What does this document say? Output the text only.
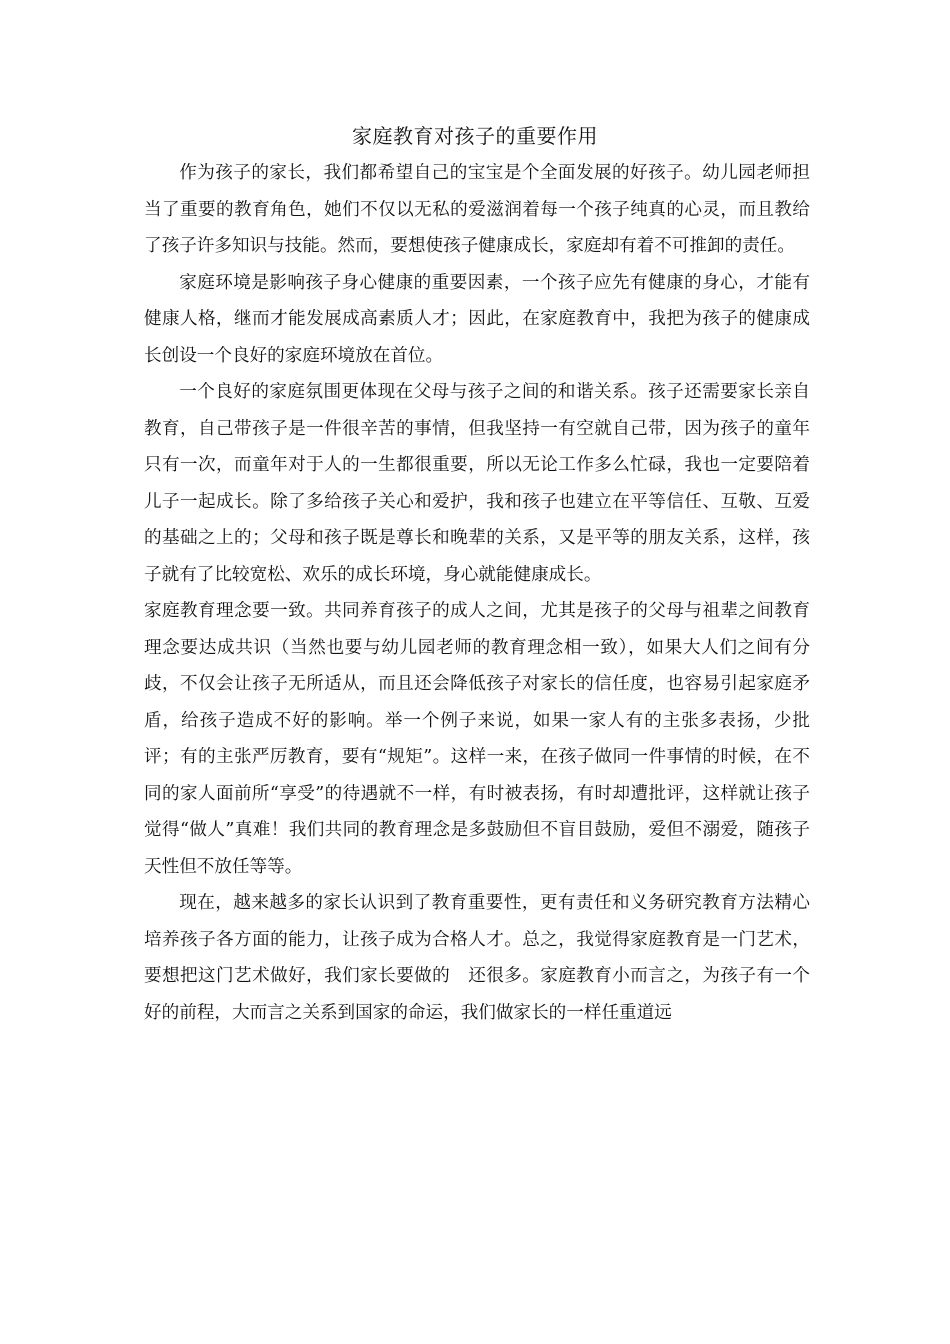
家庭教育对孩子的重要作用

作为孩子的家长，我们都希望自己的宝宝是个全面发展的好孩子。幼儿园老师担当了重要的教育角色，她们不仅以无私的爱滋润着每一个孩子纯真的心灵，而且教给了孩子许多知识与技能。然而，要想使孩子健康成长，家庭却有着不可推卸的责任。

家庭环境是影响孩子身心健康的重要因素，一个孩子应先有健康的身心，才能有健康人格，继而才能发展成高素质人才；因此，在家庭教育中，我把为孩子的健康成长创设一个良好的家庭环境放在首位。

一个良好的家庭氛围更体现在父母与孩子之间的和谐关系。孩子还需要家长亲自教育，自己带孩子是一件很辛苦的事情，但我坚持一有空就自己带，因为孩子的童年只有一次，而童年对于人的一生都很重要，所以无论工作多么忙碌，我也一定要陪着儿子一起成长。除了多给孩子关心和爱护，我和孩子也建立在平等信任、互敬、互爱的基础之上的；父母和孩子既是尊长和晚辈的关系，又是平等的朋友关系，这样，孩子就有了比较宽松、欢乐的成长环境，身心就能健康成长。

家庭教育理念要一致。共同养育孩子的成人之间，尤其是孩子的父母与祖辈之间教育理念要达成共识（当然也要与幼儿园老师的教育理念相一致），如果大人们之间有分歧，不仅会让孩子无所适从，而且还会降低孩子对家长的信任度，也容易引起家庭矛盾，给孩子造成不好的影响。举一个例子来说，如果一家人有的主张多表扬，少批评；有的主张严厉教育，要有“规矩”。这样一来，在孩子做同一件事情的时候，在不同的家人面前所“享受”的待遇就不一样，有时被表扬，有时却遭批评，这样就让孩子觉得“做人”真难！我们共同的教育理念是多鼓励但不盲目鼓励，爱但不溺爱，随孩子天性但不放任等等。

现在，越来越多的家长认识到了教育重要性，更有责任和义务研究教育方法精心培养孩子各方面的能力，让孩子成为合格人才。总之，我觉得家庭教育是一门艺术，要想把这门艺术做好，我们家长要做的　还很多。家庭教育小而言之，为孩子有一个好的前程，大而言之关系到国家的命运，我们做家长的一样任重道远
